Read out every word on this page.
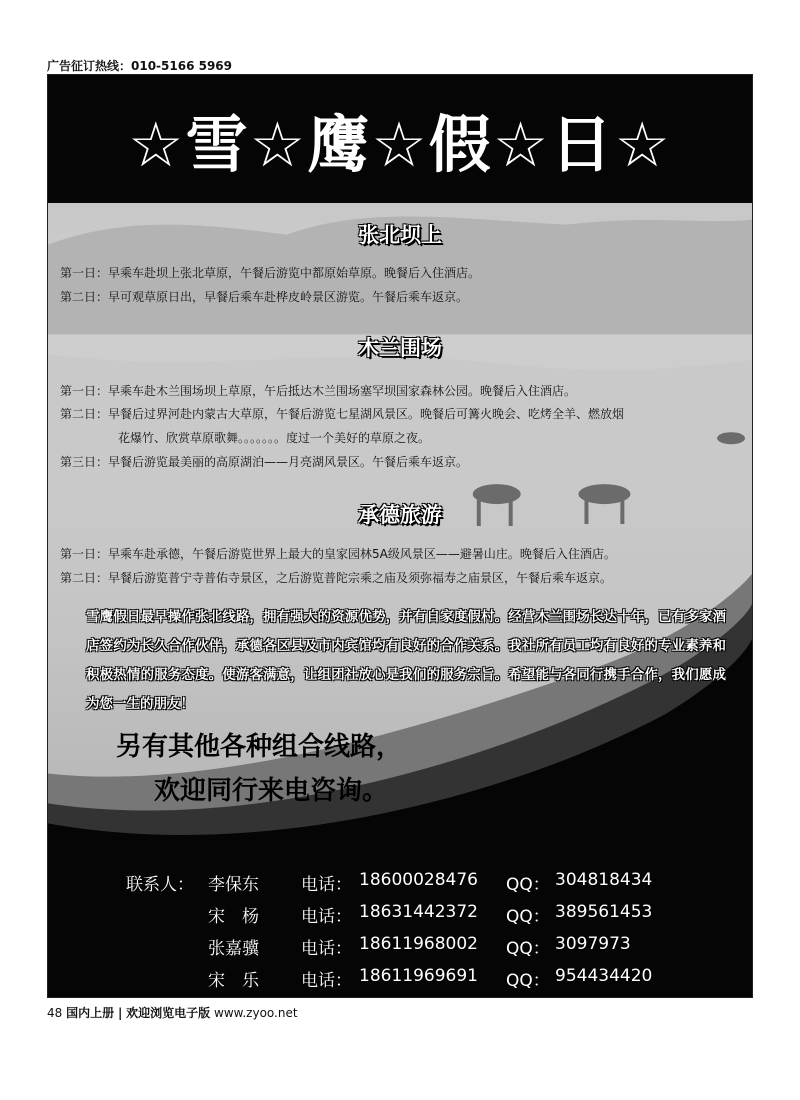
广告征订热线：010-5166 5969
☆雪☆鹰☆假☆日☆
张北坝上
第一日：早乘车赴坝上张北草原，午餐后游览中都原始草原。晚餐后入住酒店。
第二日：早可观草原日出，早餐后乘车赴桦皮岭景区游览。午餐后乘车返京。
木兰围场
第一日：早乘车赴木兰围场坝上草原，午后抵达木兰围场塞罕坝国家森林公园。晚餐后入住酒店。
第二日：早餐后过界河赴内蒙古大草原，午餐后游览七星湖风景区。晚餐后可篝火晚会、吃烤全羊、燃放烟
花爆竹、欣赏草原歌舞。。。。。。。度过一个美好的草原之夜。
第三日：早餐后游览最美丽的高原湖泊——月亮湖风景区。午餐后乘车返京。
承德旅游
第一日：早乘车赴承德，午餐后游览世界上最大的皇家园林5A级风景区——避暑山庄。晚餐后入住酒店。
第二日：早餐后游览普宁寺普佑寺景区，之后游览普陀宗乘之庙及须弥福寿之庙景区，午餐后乘车返京。
雪鹰假日最早操作张北线路，拥有强大的资源优势，并有自家度假村。经营木兰围场长达十年，已有多家酒店签约为长久合作伙伴，承德各区县及市内宾馆均有良好的合作关系。我社所有员工均有良好的专业素养和积极热情的服务态度。使游客满意，让组团社放心是我们的服务宗旨。希望能与各同行携手合作，我们愿成为您一生的朋友！
另有其他各种组合线路，
欢迎同行来电咨询。
联系人： 李保东 电话： 18600028476 QQ： 304818434
宋　杨 电话： 18631442372 QQ： 389561453
张嘉骥 电话： 18611968002 QQ： 3097973
宋　乐 电话： 18611969691 QQ： 954434420
48 国内上册 | 欢迎浏览电子版 www.zyoo.net
